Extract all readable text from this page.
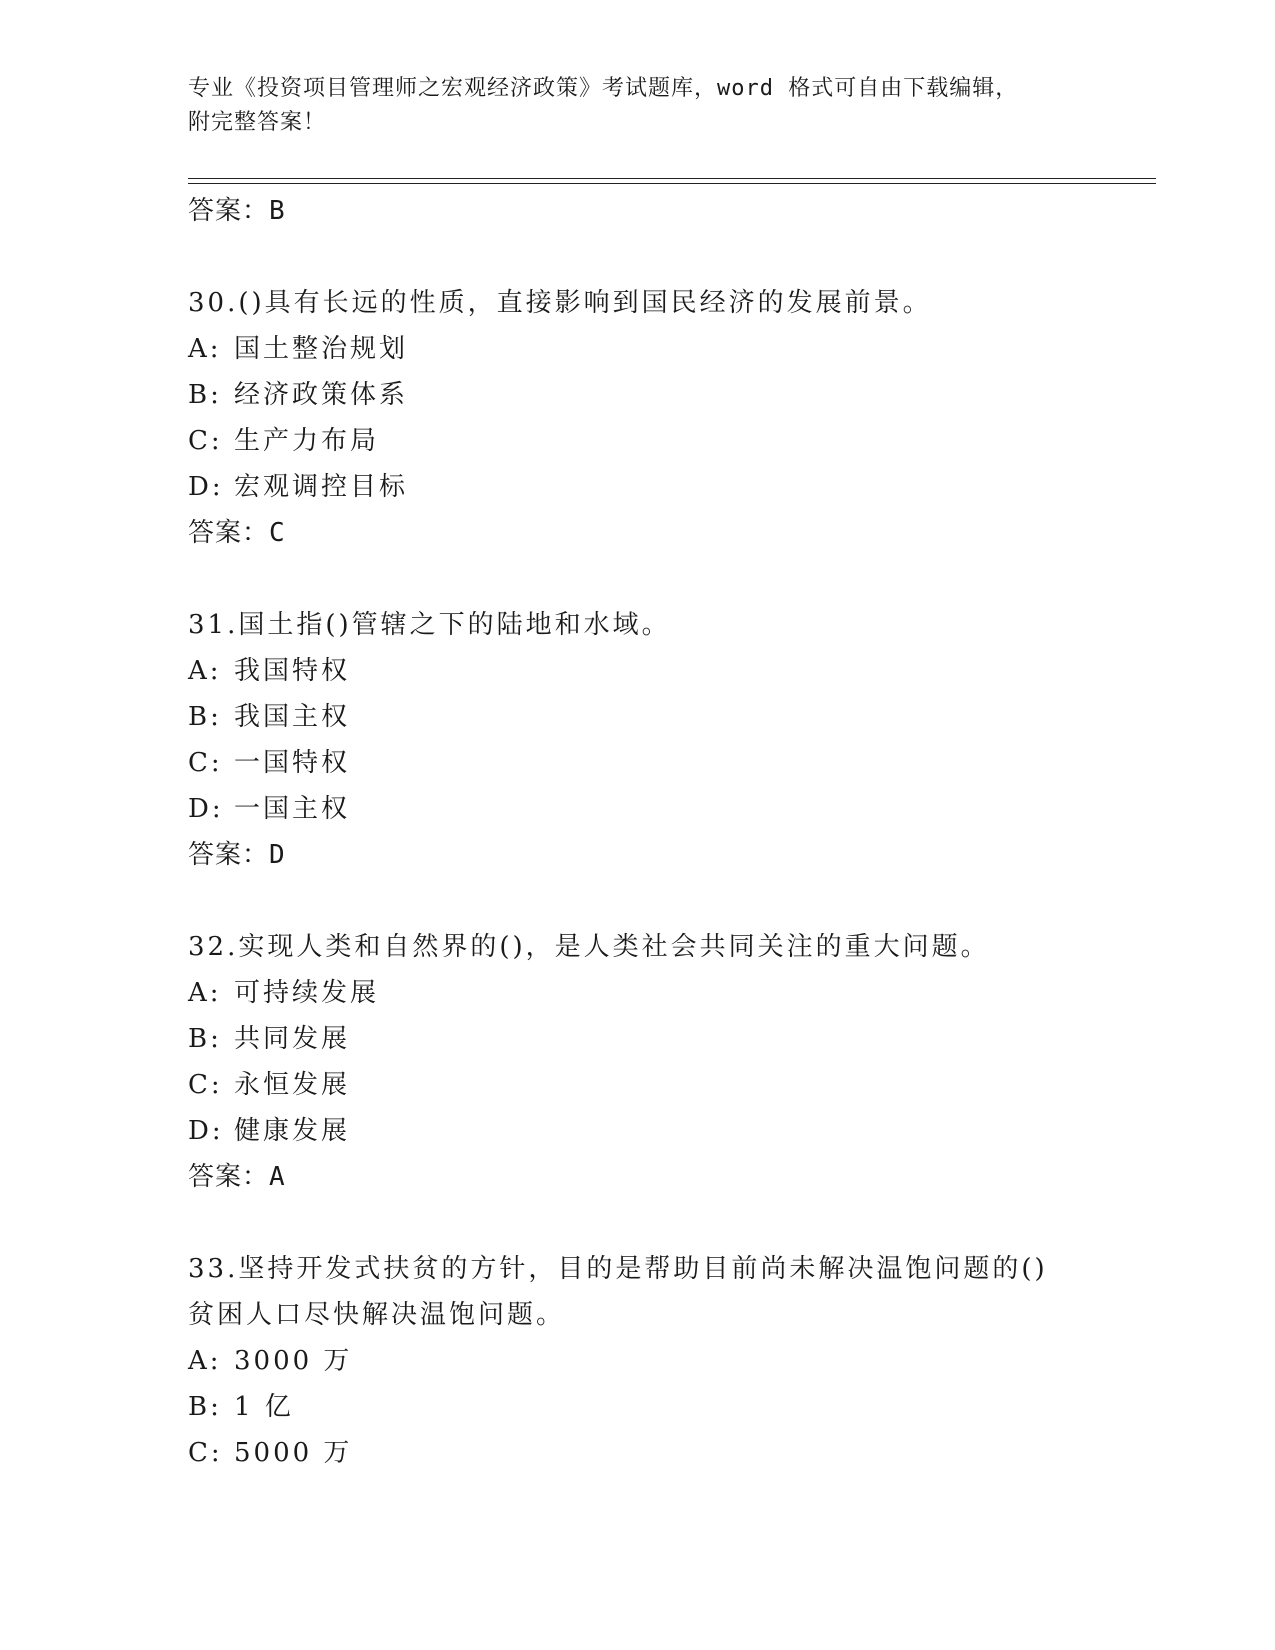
专业《投资项目管理师之宏观经济政策》考试题库，word 格式可自由下载编辑，
附完整答案！
答案：B
30.()具有长远的性质，直接影响到国民经济的发展前景。
A: 国土整治规划
B: 经济政策体系
C: 生产力布局
D: 宏观调控目标
答案：C
31.国土指()管辖之下的陆地和水域。
A: 我国特权
B: 我国主权
C: 一国特权
D: 一国主权
答案：D
32.实现人类和自然界的()，是人类社会共同关注的重大问题。
A: 可持续发展
B: 共同发展
C: 永恒发展
D: 健康发展
答案：A
33.坚持开发式扶贫的方针，目的是帮助目前尚未解决温饱问题的()贫困人口尽快解决温饱问题。
A: 3000 万
B: 1 亿
C: 5000 万
